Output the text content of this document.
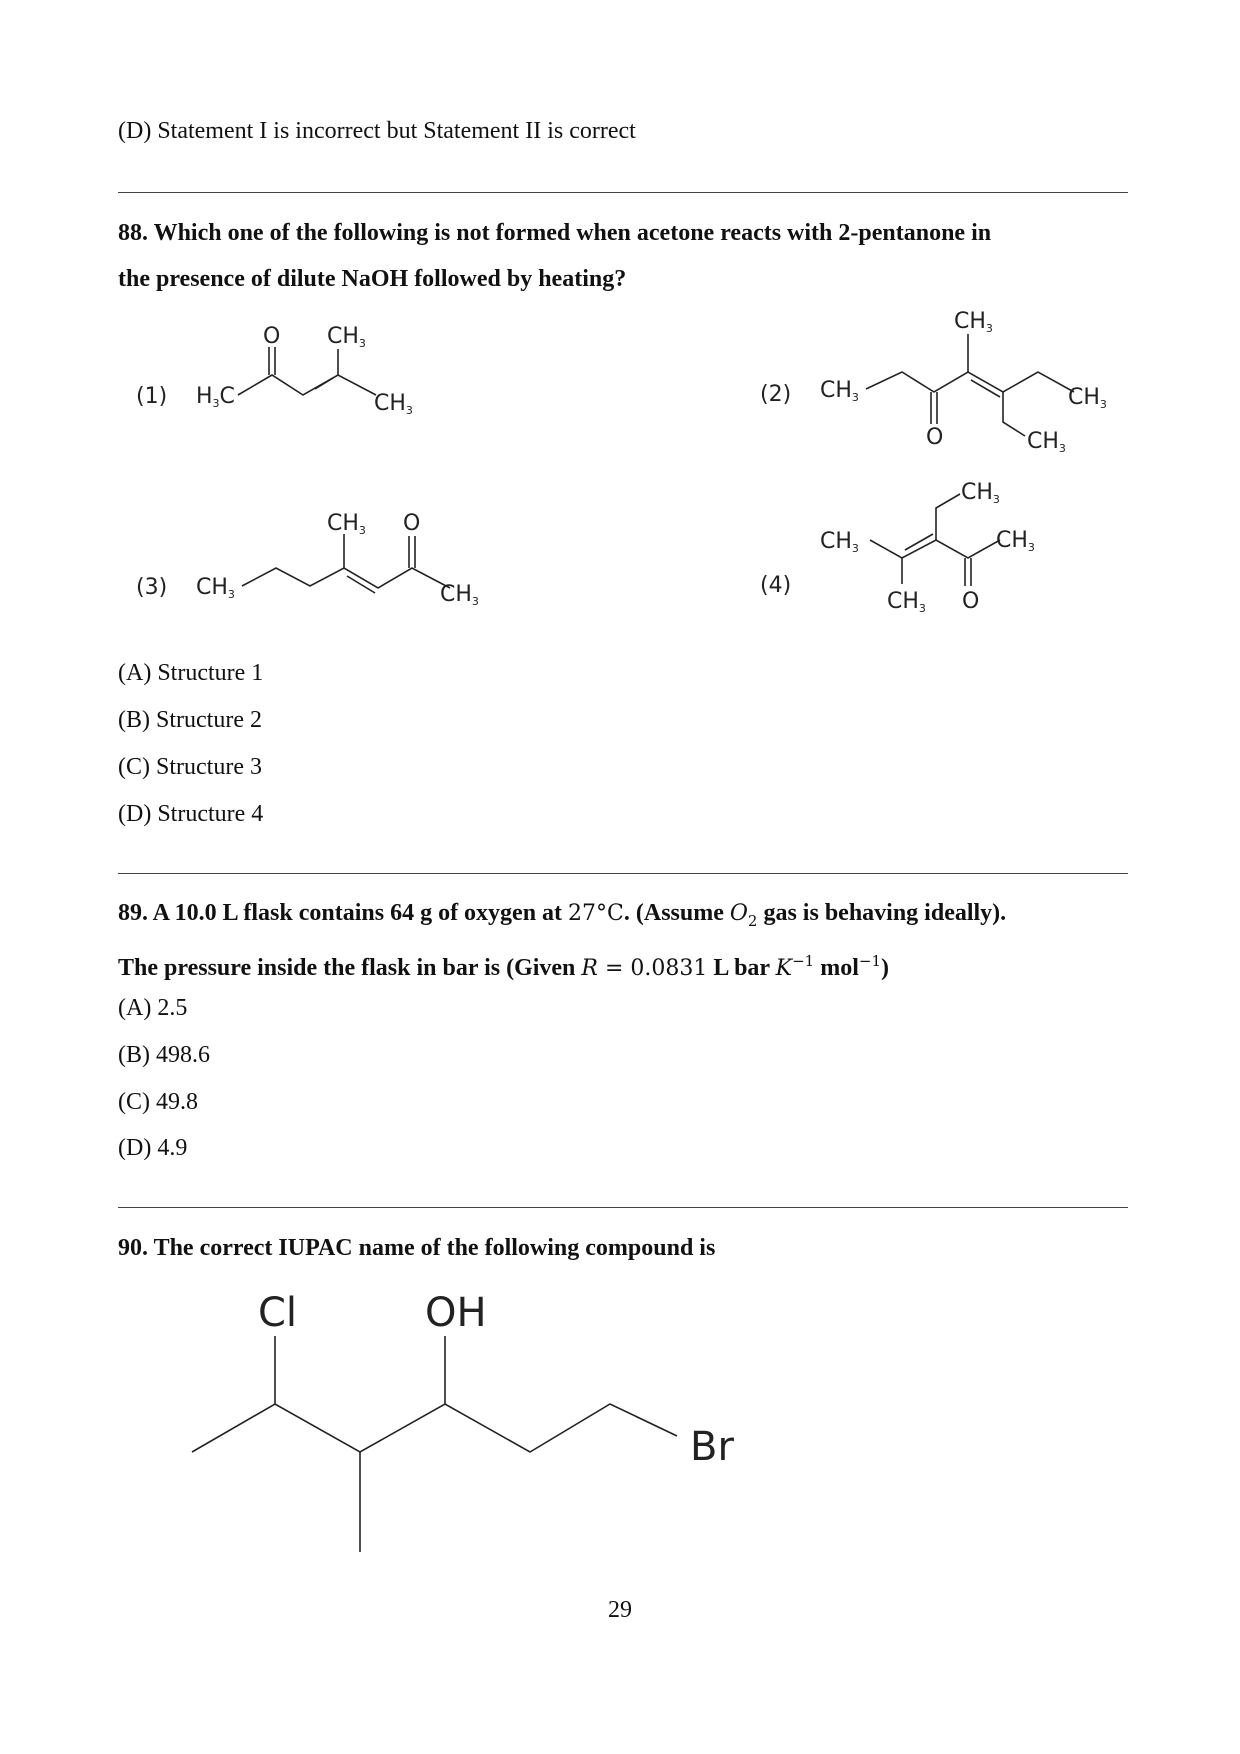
(D) Statement I is incorrect but Statement II is correct
88. Which one of the following is not formed when acetone reacts with 2-pentanone in
the presence of dilute NaOH followed by heating?
(1) H3C
O CH3
CH3
(2) CH3
O
CH3
CH3
CH3
(3) CH3
CH3 O
CH3
(4)
CH3
CH3 O
CH3
CH3
(A) Structure 1
(B) Structure 2
(C) Structure 3
(D) Structure 4
89. A 10.0 L flask contains 64 g of oxygen at 27°C. (Assume $O_2$ gas is behaving ideally).
The pressure inside the flask in bar is (Given R = 0.0831 L bar $K^{-1}$ mol$^{-1}$)
(A) 2.5
(B) 498.6
(C) 49.8
(D) 4.9
90. The correct IUPAC name of the following compound is
Cl	OH
Br
29
